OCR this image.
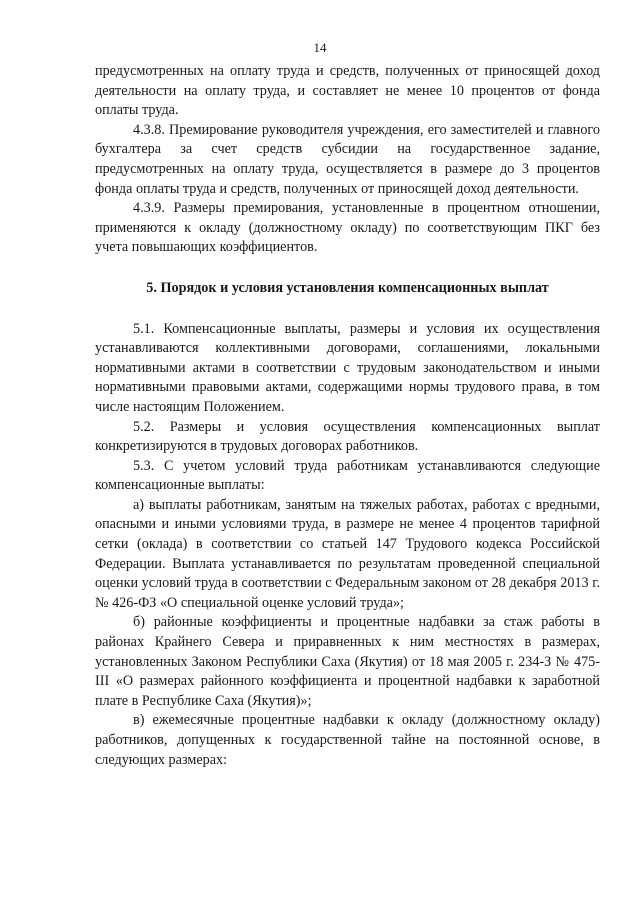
14

предусмотренных на оплату труда и средств, полученных от приносящей доход деятельности на оплату труда, и составляет не менее 10 процентов от фонда оплаты труда.

4.3.8. Премирование руководителя учреждения, его заместителей и главного бухгалтера за счет средств субсидии на государственное задание, предусмотренных на оплату труда, осуществляется в размере до 3 процентов фонда оплаты труда и средств, полученных от приносящей доход деятельности.

4.3.9. Размеры премирования, установленные в процентном отношении, применяются к окладу (должностному окладу) по соответствующим ПКГ без учета повышающих коэффициентов.

5. Порядок и условия установления компенсационных выплат

5.1. Компенсационные выплаты, размеры и условия их осуществления устанавливаются коллективными договорами, соглашениями, локальными нормативными актами в соответствии с трудовым законодательством и иными нормативными правовыми актами, содержащими нормы трудового права, в том числе настоящим Положением.

5.2. Размеры и условия осуществления компенсационных выплат конкретизируются в трудовых договорах работников.

5.3. С учетом условий труда работникам устанавливаются следующие компенсационные выплаты:

а) выплаты работникам, занятым на тяжелых работах, работах с вредными, опасными и иными условиями труда, в размере не менее 4 процентов тарифной сетки (оклада) в соответствии со статьей 147 Трудового кодекса Российской Федерации. Выплата устанавливается по результатам проведенной специальной оценки условий труда в соответствии с Федеральным законом от 28 декабря 2013 г. № 426-ФЗ «О специальной оценке условий труда»;

б) районные коэффициенты и процентные надбавки за стаж работы в районах Крайнего Севера и приравненных к ним местностях в размерах, установленных Законом Республики Саха (Якутия) от 18 мая 2005 г. 234-З № 475-III «О размерах районного коэффициента и процентной надбавки к заработной плате в Республике Саха (Якутия)»;

в) ежемесячные процентные надбавки к окладу (должностному окладу) работников, допущенных к государственной тайне на постоянной основе, в следующих размерах:
